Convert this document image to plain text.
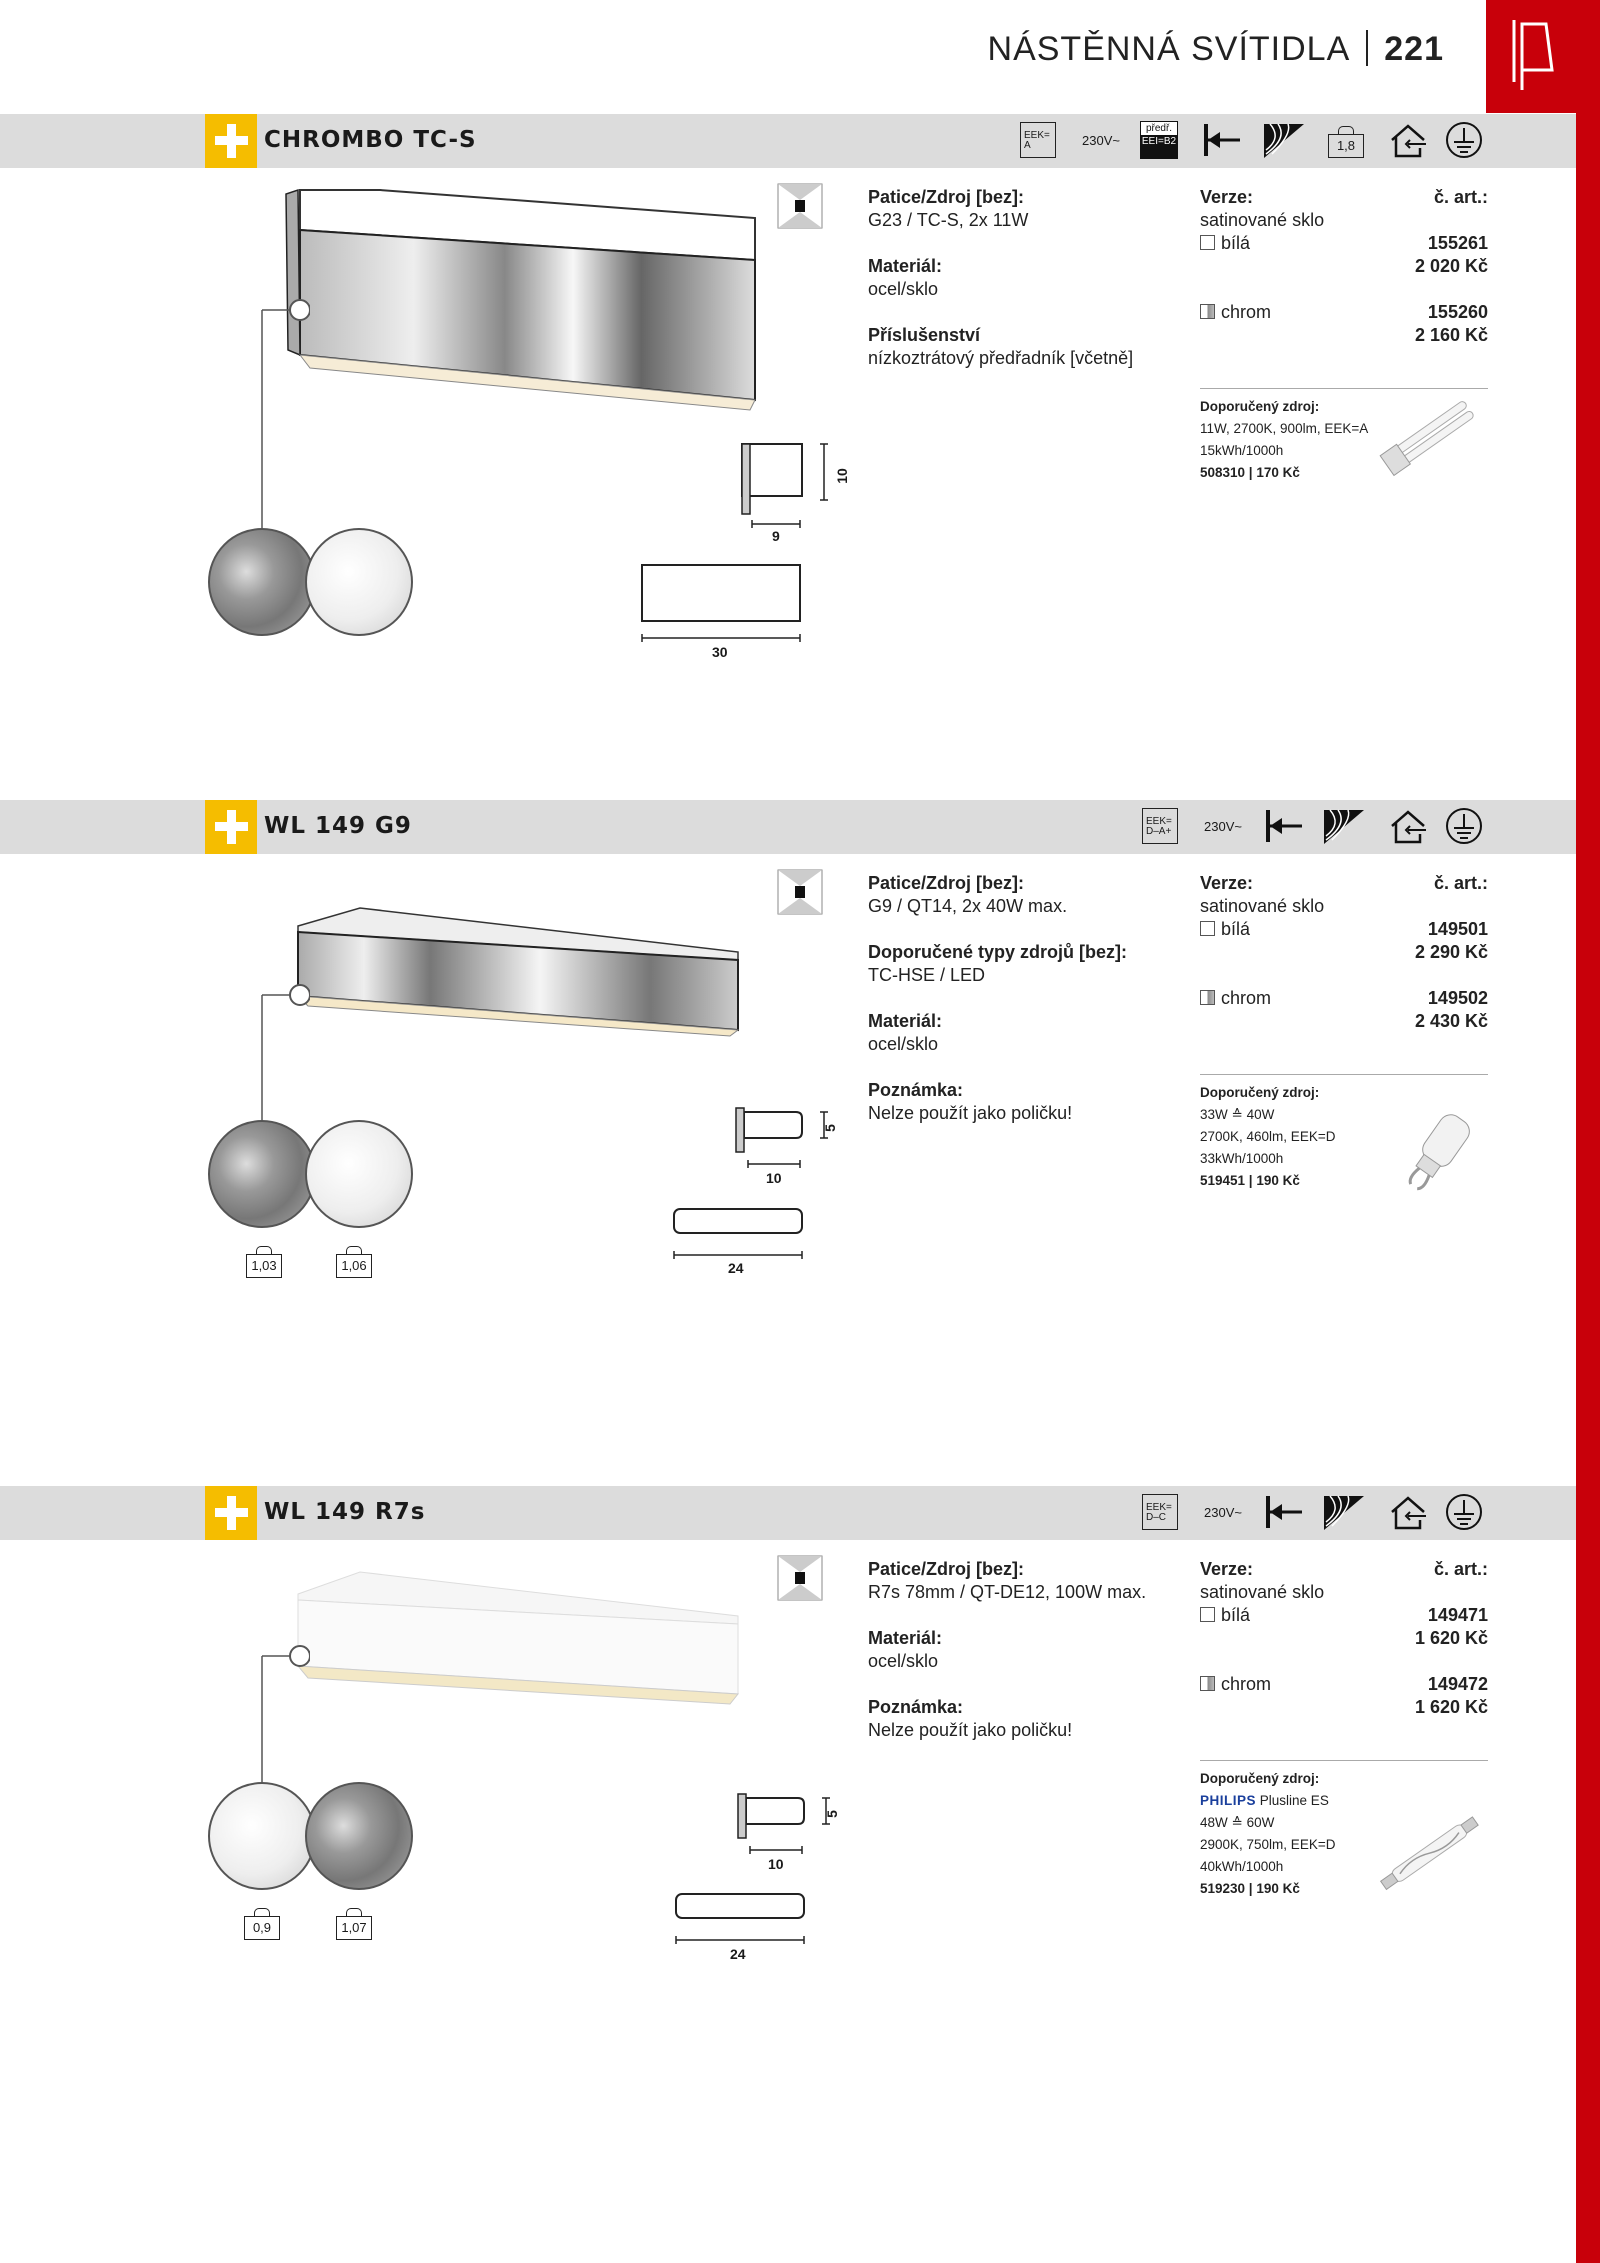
NÁSTĚNNÁ SVÍTIDLA 221
CHROMBO TC-S	EEK= A	230V~
předř.
EEI=B2	1,8
10
9
30
Patice/Zdroj [bez]:
G23 / TC-S, 2x 11W
Materiál:
ocel/sklo
Příslušenství
nízkoztrátový předřadník [včetně]
Verze:	č. art.:
satinované sklo
bílá	155261
2 020 Kč
chrom	155260
2 160 Kč
Doporučený zdroj:
11W, 2700K, 900lm, EEK=A
15kWh/1000h
508310 | 170 Kč
WL 149 G9	EEK= D–A+	230V~
1,03	1,06
5
10
24
Patice/Zdroj [bez]:
G9 / QT14, 2x 40W max.
Doporučené typy zdrojů [bez]:
TC-HSE / LED
Materiál:
ocel/sklo
Poznámka:
Nelze použít jako poličku!
Verze:	č. art.:
satinované sklo
bílá	149501
2 290 Kč
chrom	149502
2 430 Kč
Doporučený zdroj:
33W ≙ 40W
2700K, 460lm, EEK=D
33kWh/1000h
519451 | 190 Kč
WL 149 R7s	EEK= D–C	230V~
0,9	1,07
5
10
24
Patice/Zdroj [bez]:
R7s 78mm / QT-DE12, 100W max.
Materiál:
ocel/sklo
Poznámka:
Nelze použít jako poličku!
Verze:	č. art.:
satinované sklo
bílá	149471
1 620 Kč
chrom	149472
1 620 Kč
Doporučený zdroj:
PHILIPS Plusline ES
48W ≙ 60W
2900K, 750lm, EEK=D
40kWh/1000h
519230 | 190 Kč
